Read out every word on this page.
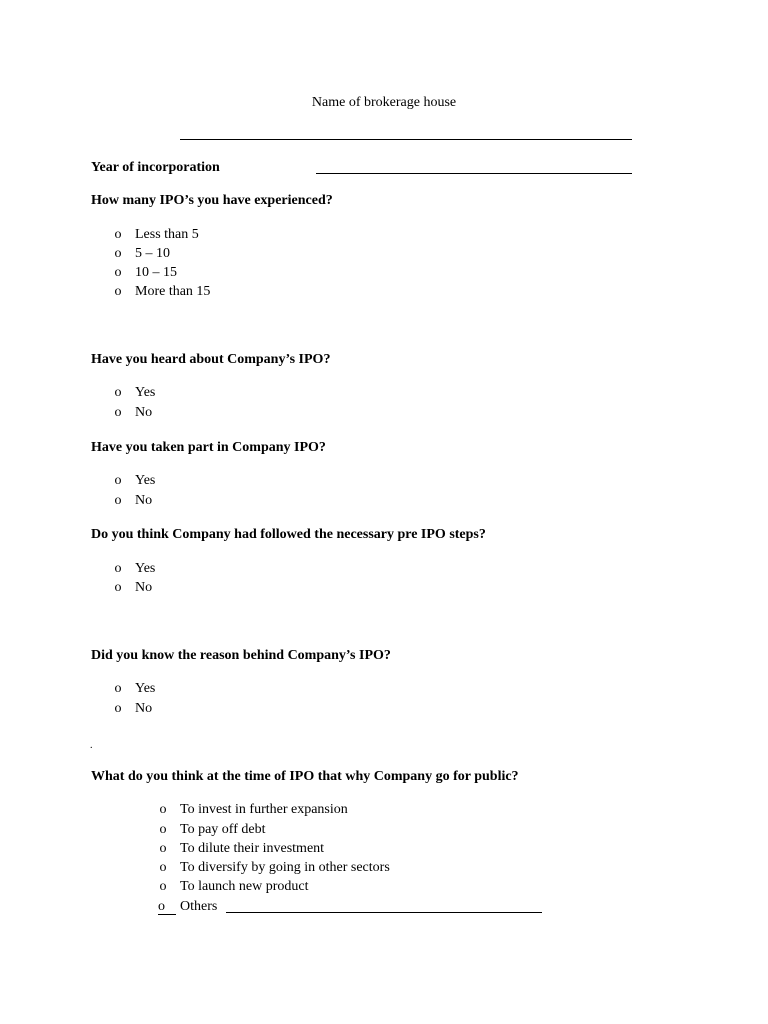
Name of brokerage house
Year of incorporation
How many IPO’s you have experienced?
o Less than 5
o 5 – 10
o 10 – 15
o More than 15
Have you heard about Company’s IPO?
o Yes
o No
Have you taken part in Company IPO?
o Yes
o No
Do you think Company had followed the necessary pre IPO steps?
o Yes
o No
Did you know the reason behind Company’s IPO?
o Yes
o No
.
What do you think at the time of IPO that why Company go for public?
o To invest in further expansion
o To pay off debt
o To dilute their investment
o To diversify by going in other sectors
o To launch new product
o	Others
